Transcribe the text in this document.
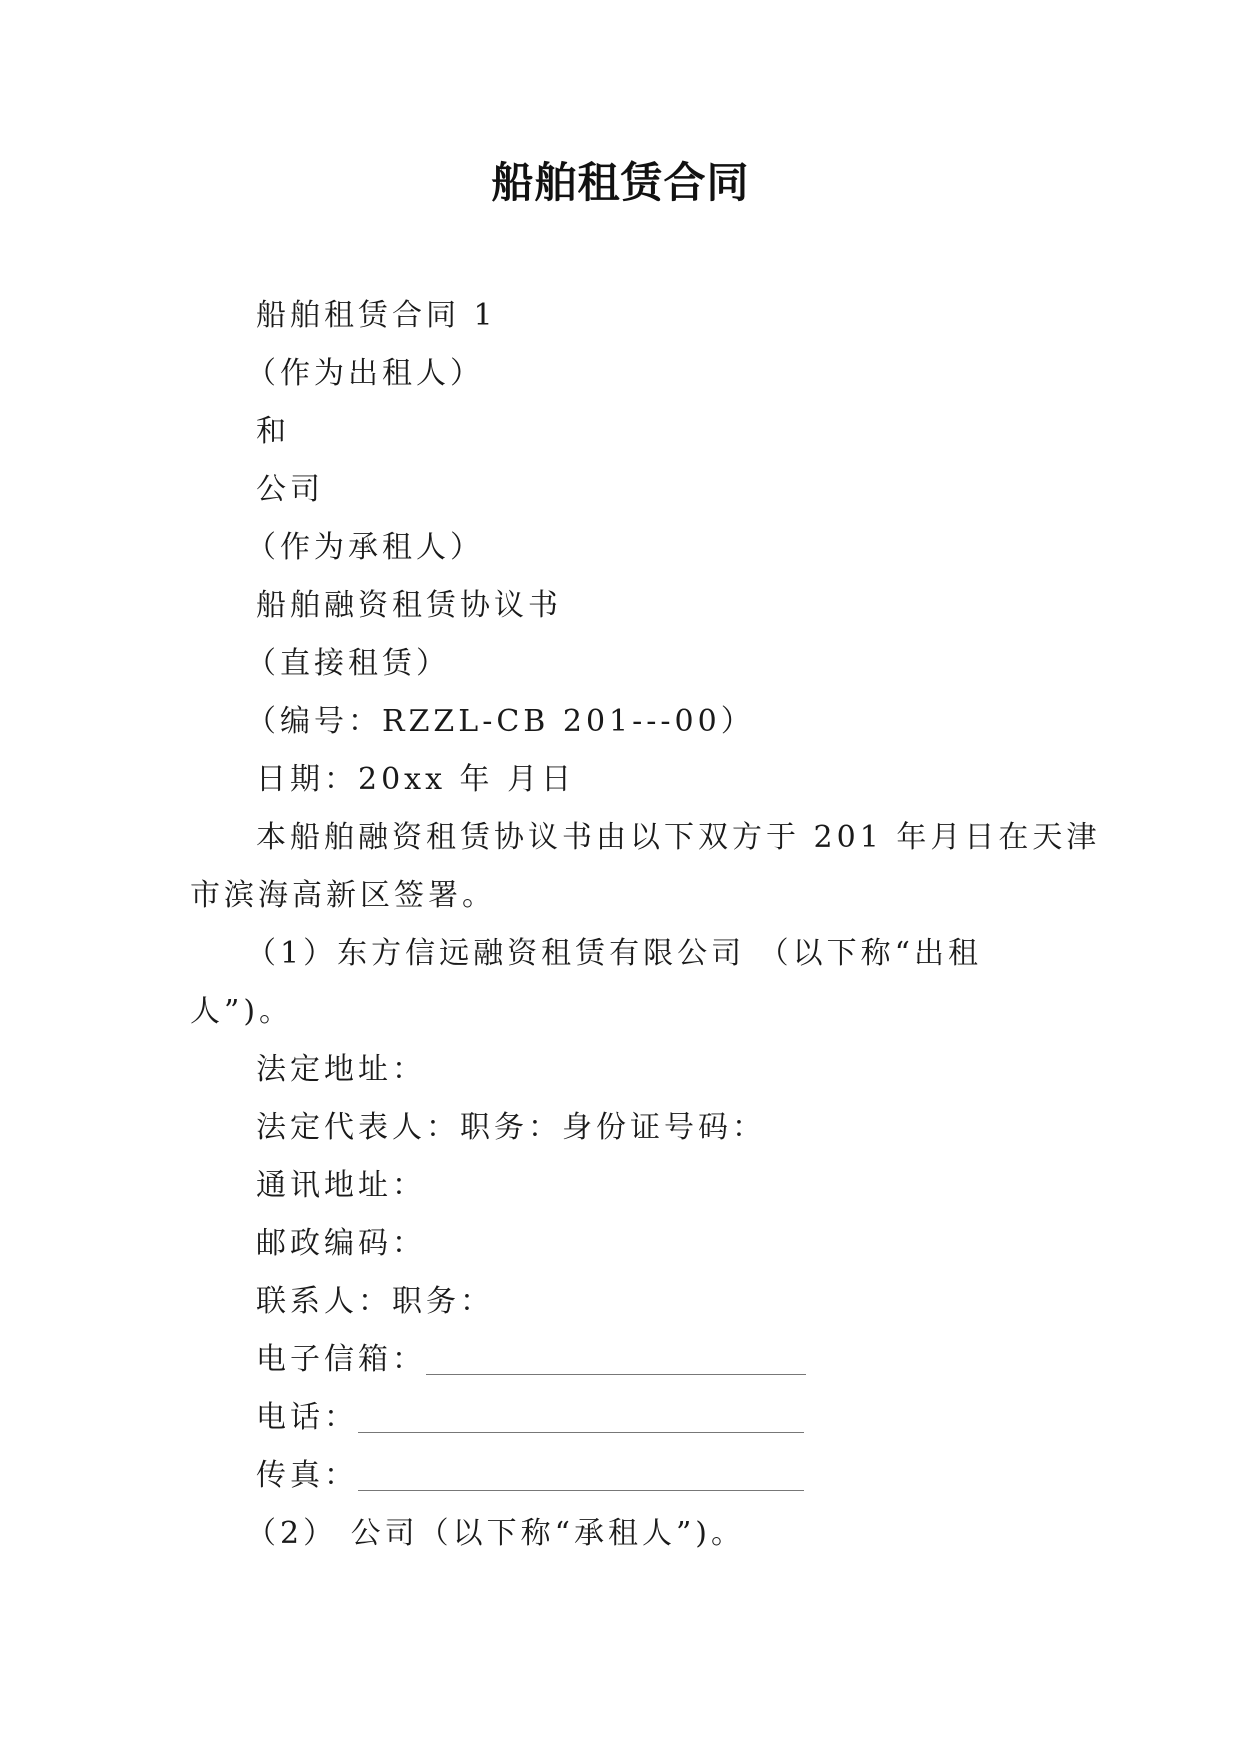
船舶租赁合同
船舶租赁合同 1
（作为出租人）
和
公司
（作为承租人）
船舶融资租赁协议书
（直接租赁）
（编号：RZZL-CB 201---00）
日期：20xx 年 月日
本船舶融资租赁协议书由以下双方于 201 年月日在天津
市滨海高新区签署。
（1）东方信远融资租赁有限公司 （以下称“出租
人”)。
法定地址：
法定代表人：职务：身份证号码：
通讯地址：
邮政编码：
联系人：职务：
电子信箱：
电话：
传真：
（2） 公司（以下称“承租人”)。
